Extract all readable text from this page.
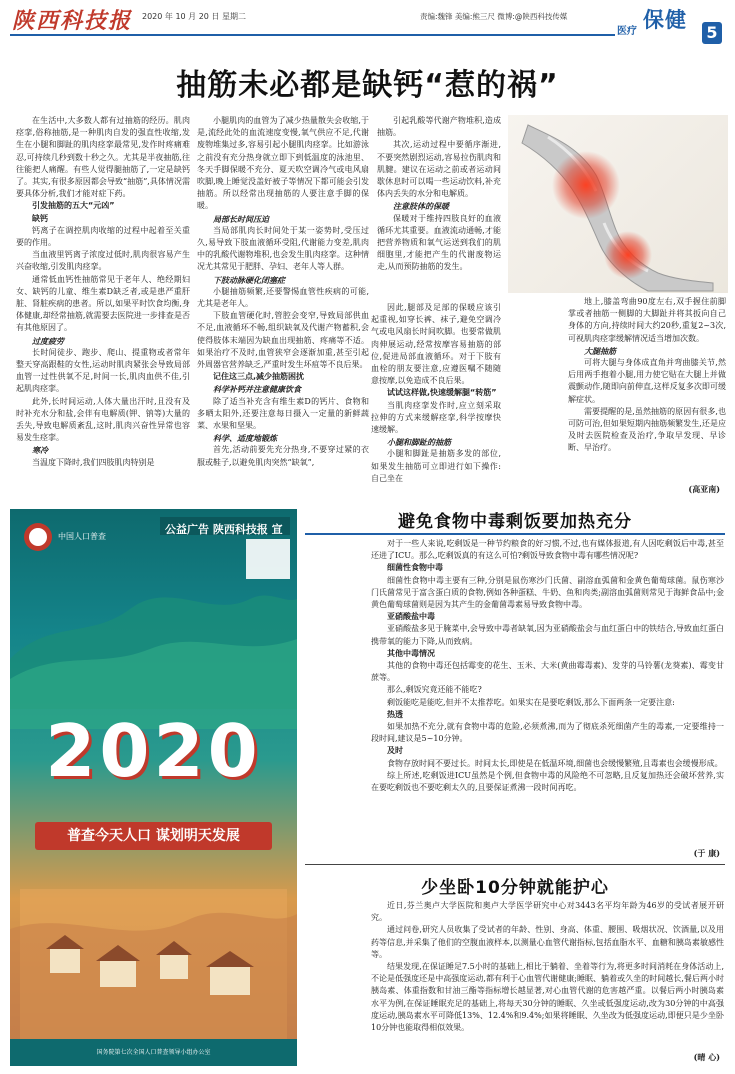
陕西科技报 2020 年 10 月 20 日 星期二	责编:魏锋 美编:熊三尺 微博:@陕西科技传媒
医疗 保健
5
抽筋未必都是缺钙“惹的祸”

在生活中,大多数人都有过抽筋的经历。肌肉痉挛,俗称抽筋,是一种肌肉自发的强直性收缩,发生在小腿和脚趾的肌肉痉挛最常见,发作时疼痛难忍,可持续几秒到数十秒之久。尤其是半夜抽筋,往往能把人痛醒。有些人觉得腿抽筋了,一定是缺钙了。其实,有很多原因都会导致“抽筋”,具体情况需要具体分析,我们才能对症下药。

引发抽筋的五大“元凶”

缺钙

钙离子在调控肌肉收缩的过程中起着至关重要的作用。

当血液里钙离子浓度过低时,肌肉很容易产生兴奋收缩,引发肌肉痉挛。

通常低血钙性抽筋常见于老年人、绝经期妇女、缺钙的儿童、维生素D缺乏者,或是患严重肝脏、肾脏疾病的患者。所以,如果平时饮食均衡,身体健康,却经常抽筋,就需要去医院进一步排查是否有其他原因了。

过度疲劳

长时间徒步、跑步、爬山、提重物或者常年整天穿高跟鞋的女性,运动时肌肉紧张会导致局部血管一过性供氧不足,时间一长,肌肉血供不佳,引起肌肉痉挛。

此外,长时间运动,人体大量出汗时,且没有及时补充水分和盐,会伴有电解质(钾、钠等)大量的丢失,导致电解质紊乱,这时,肌肉兴奋性异常也容易发生痉挛。

寒冷

当温度下降时,我们四肢肌肉特别是

小腿肌肉的血管为了减少热量散失会收缩,于是,流经此处的血流速度变慢,氧气供应不足,代谢废物堆集过多,容易引起小腿肌肉痉挛。比如游泳之前没有充分热身就立即下到低温度的泳池里、冬天手脚保暖不充分、夏天吹空调冷气或电风扇吹脚,晚上睡觉没盖好被子等情况下都可能会引发抽筋。所以经常出现抽筋的人要注意手脚的保暖。

局部长时间压迫

当局部肌肉长时间处于某一姿势时,受压过久,易导致下肢血液循环受阻,代谢能力变差,肌肉中的乳酸代谢物堆积,也会发生肌肉痉挛。这种情况尤其常见于肥胖、孕妇、老年人等人群。

下肢动脉硬化闭塞症

小腿抽筋频繁,还要警惕血管性疾病的可能,尤其是老年人。

下肢血管硬化时,管腔会变窄,导致局部供血不足,血液循环不畅,组织缺氧及代谢产物蓄积,会使得肢体末端因为缺血出现抽筋、疼痛等不适。如果治疗不及时,血管狭窄会逐渐加重,甚至引起外周器官营养缺乏,严重时发生坏疽等不良后果。

记住这三点,减少抽筋困扰

科学补钙并注意健康饮食

除了适当补充含有维生素D的钙片、食物和多晒太阳外,还要注意每日摄入一定量的新鲜蔬菜、水果和坚果。

科学、适度地锻炼

首先,活动前要先充分热身,不要穿过紧的衣服或鞋子,以避免肌肉突然“缺氧”,

引起乳酸等代谢产物堆积,造成抽筋。

其次,运动过程中要循序渐进,不要突然剧烈运动,容易拉伤肌肉和肌腱。建议在运动之前或者运动间歇休息时可以喝一些运动饮料,补充体内丢失的水分和电解质。

注意肢体的保暖

保暖对于维持四肢良好的血液循环尤其重要。血液流动通畅,才能把营养物质和氧气运送到我们的肌细胞里,才能把产生的代谢废物运走,从而预防抽筋的发生。

因此,腿部及足部的保暖应该引起重视,如穿长裤、袜子,避免空调冷气或电风扇长时间吹脚。也要常做肌肉伸展运动,经常按摩容易抽筋的部位,促进局部血液循环。对于下肢有血栓的朋友要注意,应遵医嘱不随随意按摩,以免造成不良后果。

试试这样做,快速缓解腿“转筋”

当肌肉痉挛发作时,应立刻采取拉伸的方式来缓解痉挛,科学按摩快速缓解。

小腿和脚趾的抽筋

小腿和脚趾是抽筋多发的部位,如果发生抽筋可立即进行如下操作:自己坐在

地上,膝盖弯曲90度左右,双手握住前脚掌或者抽筋一侧脚的大脚趾并将其扳向自己身体的方向,持续时间大约20秒,重复2~3次,可视肌肉痉挛缓解情况适当增加次数。

大腿抽筋

可将大腿与身体成直角并弯曲膝关节,然后用两手抱着小腿,用力使它贴在大腿上并做震颤动作,随即向前伸直,这样反复多次即可缓解症状。

需要提醒的是,虽然抽筋的原因有很多,也可防可治,但如果短期内抽筋频繁发生,还是应及时去医院检查及治疗,争取早发现、早诊断、早治疗。

(高亚南)
中国人口普查
公益广告 陕西科技报 宣
2020
普查今天人口 谋划明天发展
国务院第七次全国人口普查领导小组办公室
避免食物中毒剩饭要加热充分

对于一些人来说,吃剩饭是一种节约粮食的好习惯,不过,也有媒体报道,有人因吃剩饭后中毒,甚至还进了ICU。那么,吃剩饭真的有这么可怕?剩饭导致食物中毒有哪些情况呢?

细菌性食物中毒

细菌性食物中毒主要有三种,分别是鼠伤寒沙门氏菌、副溶血弧菌和金黄色葡萄球菌。鼠伤寒沙门氏菌常见于富含蛋白质的食物,例如各种蛋糕、牛奶、鱼和肉类;副溶血弧菌则常见于海鲜食品中;金黄色葡萄球菌则是因为其产生的金葡菌毒素易导致食物中毒。

亚硝酸盐中毒

亚硝酸盐多见于腌菜中,会导致中毒者缺氧,因为亚硝酸盐会与血红蛋白中的铁结合,导致血红蛋白携带氧的能力下降,从而致病。

其他中毒情况

其他的食物中毒还包括霉变的花生、玉米、大米(黄曲霉毒素)、发芽的马铃薯(龙葵素)、霉变甘蔗等。

那么,剩饭究竟还能不能吃?

剩饭能吃是能吃,但并不太推荐吃。如果实在是要吃剩饭,那么下面两条一定要注意:

热透

如果加热不充分,就有食物中毒的危险,必须煮沸,而为了彻底杀死细菌产生的毒素,一定要维持一段时间,建议是5~10分钟。

及时

食物存放时间不要过长。时间太长,即使是在低温环境,细菌也会缓慢繁殖,且毒素也会缓慢形成。

综上所述,吃剩饭进ICU虽然是个例,但食物中毒的风险绝不可忽略,且反复加热还会破坏营养,实在要吃剩饭也不要吃剩太久的,且要保证煮沸一段时间再吃。

(于 康)
少坐卧10分钟就能护心

近日,芬兰奥卢大学医院和奥卢大学医学研究中心对3443名平均年龄为46岁的受试者展开研究。

通过问卷,研究人员收集了受试者的年龄、性别、身高、体重、腰围、吸烟状况、饮酒量,以及用药等信息,并采集了他们的空腹血液样本,以测量心血管代谢指标,包括血脂水平、血糖和胰岛素敏感性等。

结果发现,在保证睡足7.5小时的基础上,相比于躺着、坐着等行为,将更多时间消耗在身体活动上,不论是低强度还是中高强度运动,都有利于心血管代谢健康;睡眠、躺着或久坐的时间越长,餐后两小时胰岛素、体重指数和甘油三酯等指标增长越显著,对心血管代谢的危害越严重。以餐后两小时胰岛素水平为例,在保证睡眠充足的基础上,将每天30分钟的睡眠、久坐或低强度运动,改为30分钟的中高强度运动,胰岛素水平可降低13%、12.4%和9.4%;如果将睡眠、久坐改为低强度运动,即便只是少坐卧10分钟也能取得相似效果。

(晴 心)
